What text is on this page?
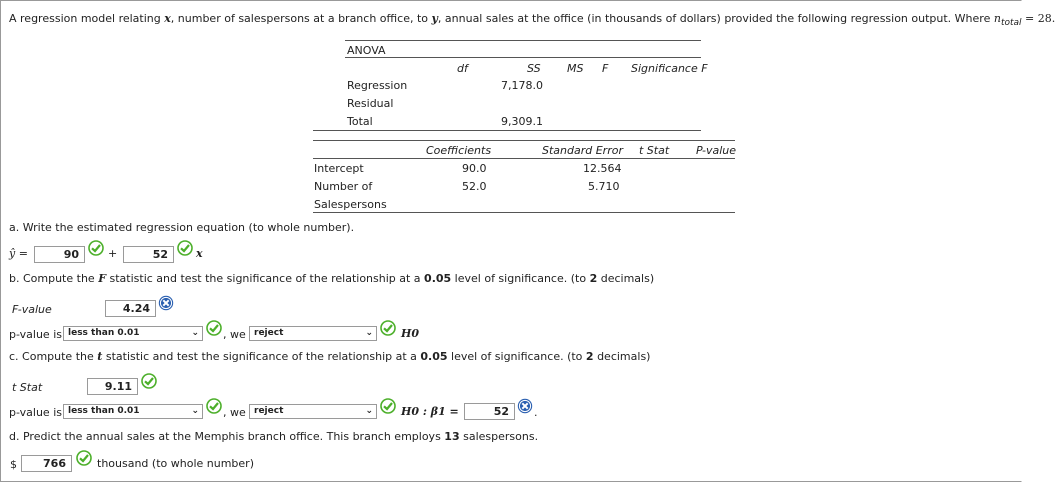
A regression model relating x, number of salespersons at a branch office, to y, annual sales at the office (in thousands of dollars) provided the following regression output. Where $n_{total} = 28$.
ANOVA
df	SS MS F Significance F
Regression	7,178.0
Residual
Total	9,309.1
Coefficients	Standard Error t Stat P-value
Intercept	90.0	12.564
Number of
Salespersons
52.0	5.710
a. Write the estimated regression equation (to whole number).
ŷ =	90	+	52	x
b. Compute the F statistic and test the significance of the relationship at a 0.05 level of significance. (to 2 decimals)
F-value	4.24
p-value is less than 0.01	⌄ , we reject	⌄	H0
c. Compute the t statistic and test the significance of the relationship at a 0.05 level of significance. (to 2 decimals)
t Stat	9.11
p-value is less than 0.01	⌄ , we reject	⌄	H0 : β1 =	52	.
d. Predict the annual sales at the Memphis branch office. This branch employs 13 salespersons.
$	766	thousand (to whole number)
